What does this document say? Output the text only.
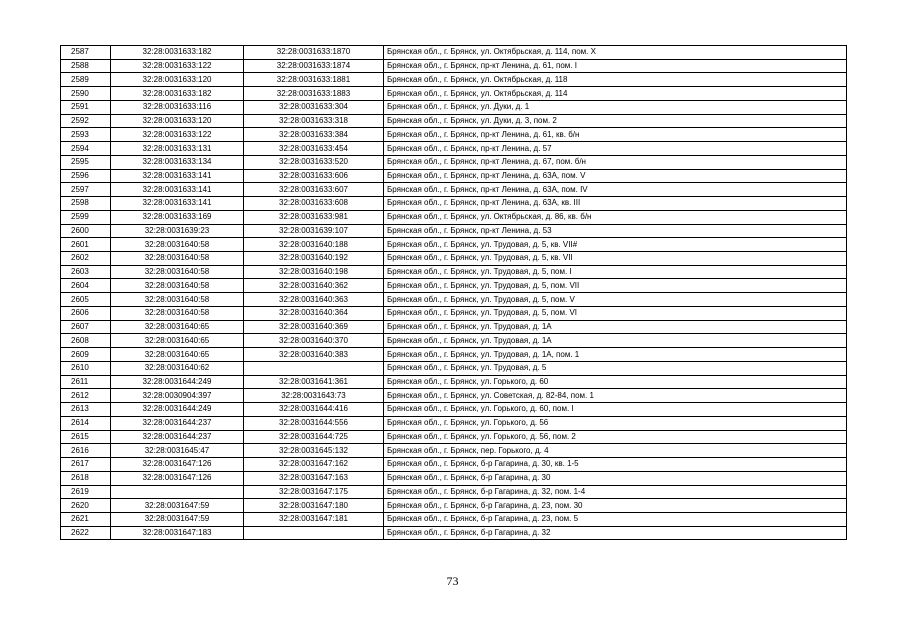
2587	32:28:0031633:182	32:28:0031633:1870	Брянская обл., г. Брянск, ул. Октябрьская, д. 114, пом. X
2588	32:28:0031633:122	32:28:0031633:1874	Брянская обл., г. Брянск, пр-кт Ленина, д. 61, пом. I
2589	32:28:0031633:120	32:28:0031633:1881	Брянская обл., г. Брянск, ул. Октябрьская, д. 118
2590	32:28:0031633:182	32:28:0031633:1883	Брянская обл., г. Брянск, ул. Октябрьская, д. 114
2591	32:28:0031633:116	32:28:0031633:304	Брянская обл., г. Брянск, ул. Дуки, д. 1
2592	32:28:0031633:120	32:28:0031633:318	Брянская обл., г. Брянск, ул. Дуки, д. 3, пом. 2
2593	32:28:0031633:122	32:28:0031633:384	Брянская обл., г. Брянск, пр-кт Ленина, д. 61, кв. б/н
2594	32:28:0031633:131	32:28:0031633:454	Брянская обл., г. Брянск, пр-кт Ленина, д. 57
2595	32:28:0031633:134	32:28:0031633:520	Брянская обл., г. Брянск, пр-кт Ленина, д. 67, пом. б/н
2596	32:28:0031633:141	32:28:0031633:606	Брянская обл., г. Брянск, пр-кт Ленина, д. 63А, пом. V
2597	32:28:0031633:141	32:28:0031633:607	Брянская обл., г. Брянск, пр-кт Ленина, д. 63А, пом. IV
2598	32:28:0031633:141	32:28:0031633:608	Брянская обл., г. Брянск, пр-кт Ленина, д. 63А, кв. III
2599	32:28:0031633:169	32:28:0031633:981	Брянская обл., г. Брянск, ул. Октябрьская, д. 86, кв. б/н
2600	32:28:0031639:23	32:28:0031639:107	Брянская обл., г. Брянск, пр-кт Ленина, д. 53
2601	32:28:0031640:58	32:28:0031640:188	Брянская обл., г. Брянск, ул. Трудовая, д. 5, кв. VII#
2602	32:28:0031640:58	32:28:0031640:192	Брянская обл., г. Брянск, ул. Трудовая, д. 5, кв. VII
2603	32:28:0031640:58	32:28:0031640:198	Брянская обл., г. Брянск, ул. Трудовая, д. 5, пом. I
2604	32:28:0031640:58	32:28:0031640:362	Брянская обл., г. Брянск, ул. Трудовая, д. 5, пом. VII
2605	32:28:0031640:58	32:28:0031640:363	Брянская обл., г. Брянск, ул. Трудовая, д. 5, пом. V
2606	32:28:0031640:58	32:28:0031640:364	Брянская обл., г. Брянск, ул. Трудовая, д. 5, пом. VI
2607	32:28:0031640:65	32:28:0031640:369	Брянская обл., г. Брянск, ул. Трудовая, д. 1А
2608	32:28:0031640:65	32:28:0031640:370	Брянская обл., г. Брянск, ул. Трудовая, д. 1А
2609	32:28:0031640:65	32:28:0031640:383	Брянская обл., г. Брянск, ул. Трудовая, д. 1А, пом. 1
2610	32:28:0031640:62		Брянская обл., г. Брянск, ул. Трудовая, д. 5
2611	32:28:0031644:249	32:28:0031641:361	Брянская обл., г. Брянск, ул. Горького, д. 60
2612	32:28:0030904:397	32:28:0031643:73	Брянская обл., г. Брянск, ул. Советская, д. 82-84, пом. 1
2613	32:28:0031644:249	32:28:0031644:416	Брянская обл., г. Брянск, ул. Горького, д. 60, пом. I
2614	32:28:0031644:237	32:28:0031644:556	Брянская обл., г. Брянск, ул. Горького, д. 56
2615	32:28:0031644:237	32:28:0031644:725	Брянская обл., г. Брянск, ул. Горького, д. 56, пом. 2
2616	32:28:0031645:47	32:28:0031645:132	Брянская обл., г. Брянск, пер. Горького, д. 4
2617	32:28:0031647:126	32:28:0031647:162	Брянская обл., г. Брянск, б-р Гагарина, д. 30, кв. 1-5
2618	32:28:0031647:126	32:28:0031647:163	Брянская обл., г. Брянск, б-р Гагарина, д. 30
2619		32:28:0031647:175	Брянская обл., г. Брянск, б-р Гагарина, д. 32, пом. 1-4
2620	32:28:0031647:59	32:28:0031647:180	Брянская обл., г. Брянск, б-р Гагарина, д. 23, пом. 30
2621	32:28:0031647:59	32:28:0031647:181	Брянская обл., г. Брянск, б-р Гагарина, д. 23, пом. 5
2622	32:28:0031647:183		Брянская обл., г. Брянск, б-р Гагарина, д. 32
73
